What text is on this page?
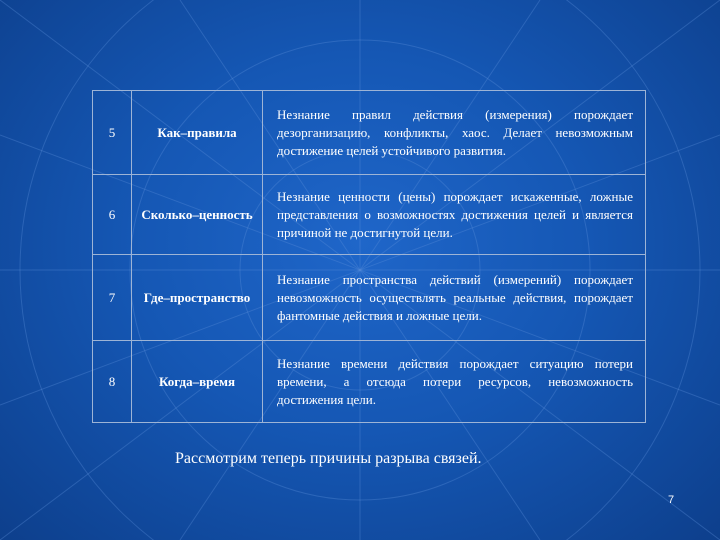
5	Как–правила	Незнание правил действия (измерения) порождает дезорганизацию, конфликты, хаос. Делает невозможным достижение целей устойчивого развития.

6	Сколько–ценность	Незнание ценности (цены) порождает искаженные, ложные представления о возможностях достижения целей и является причиной не достигнутой цели.

7	Где–пространство	Незнание пространства действий (измерений) порождает невозможность осуществлять реальные действия, порождает фантомные действия и ложные цели.

8	Когда–время	Незнание времени действия порождает ситуацию потери времени, а отсюда потери ресурсов, невозможность достижения цели.
Рассмотрим теперь причины разрыва связей.
7
